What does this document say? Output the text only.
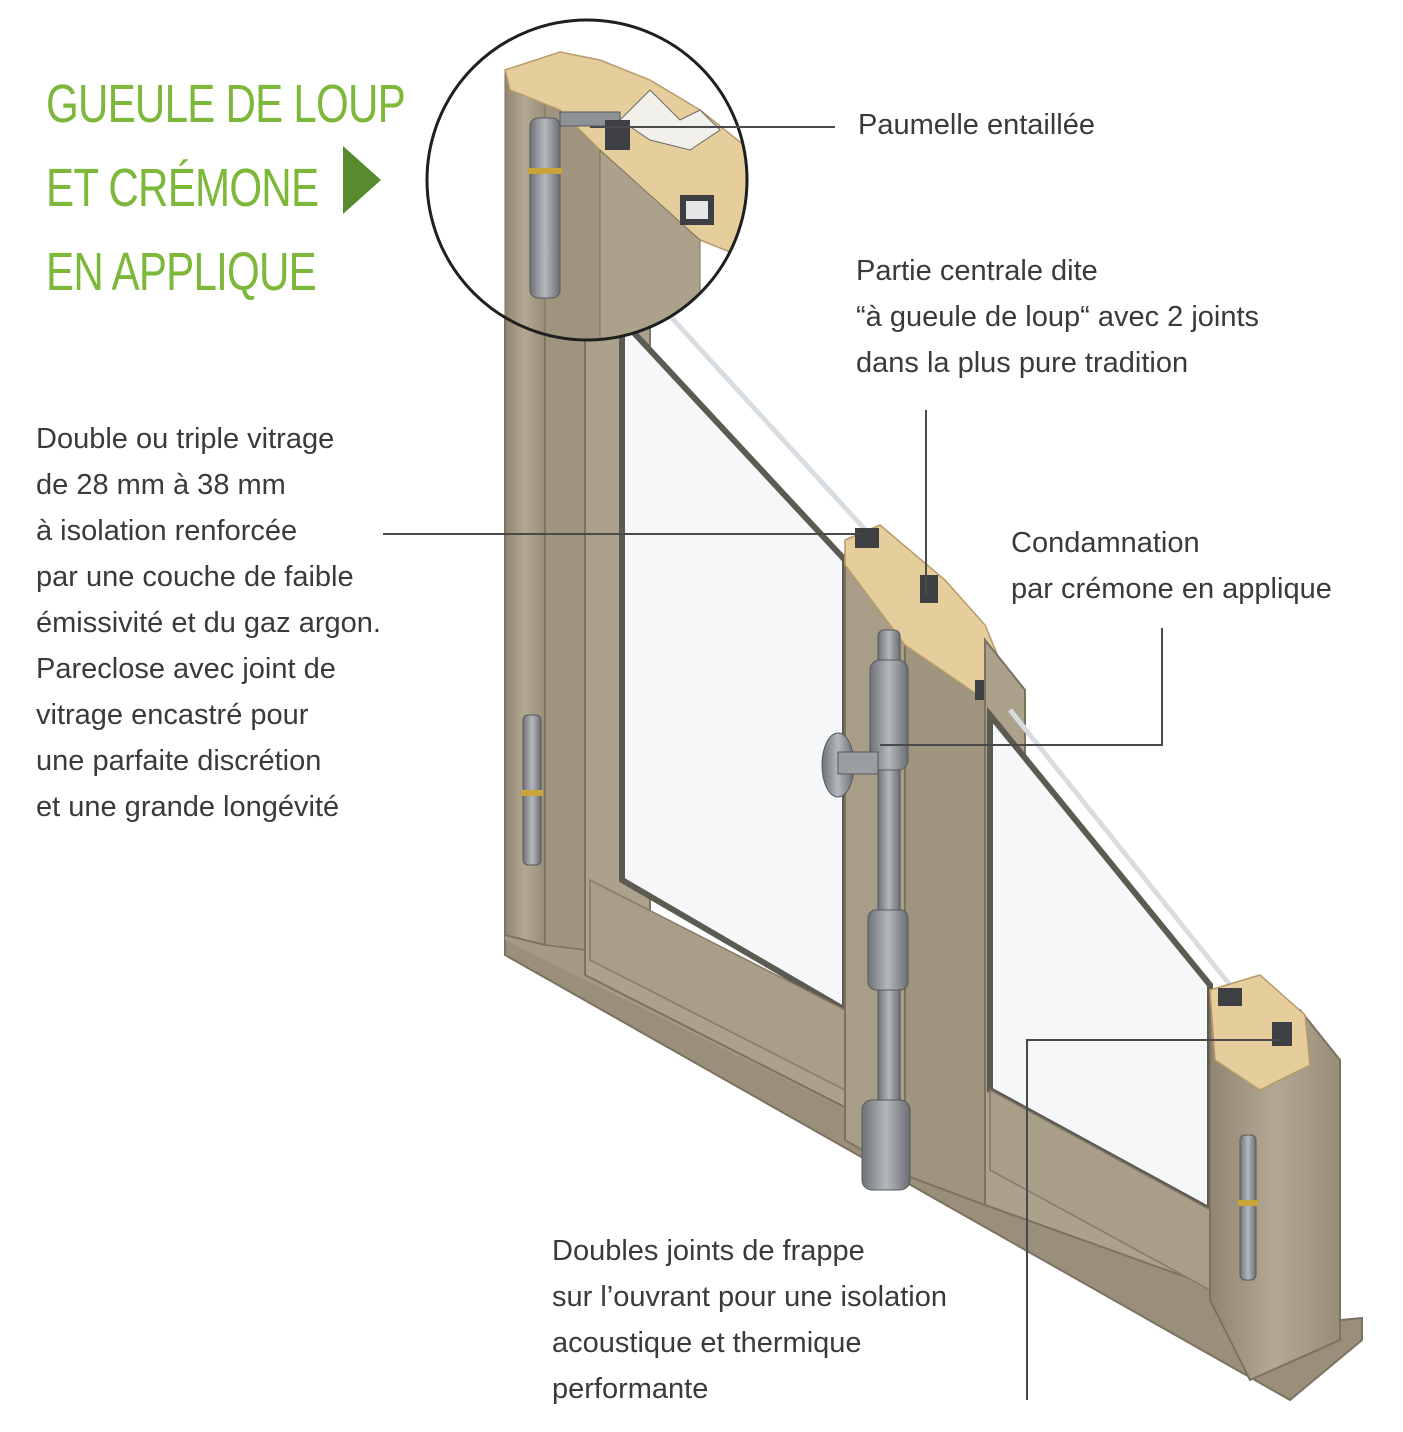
GUEULE DE LOUP
ET CRÉMONE
EN APPLIQUE

Paumelle entaillée

Partie centrale dite
“à gueule de loup“ avec 2 joints
dans la plus pure tradition

Double ou triple vitrage
de 28 mm à 38 mm
à isolation renforcée
par une couche de faible
émissivité et du gaz argon.
Pareclose avec joint de
vitrage encastré pour
une parfaite discrétion
et une grande longévité

Condamnation
par crémone en applique

Doubles joints de frappe
sur l’ouvrant pour une isolation
acoustique et thermique
performante
